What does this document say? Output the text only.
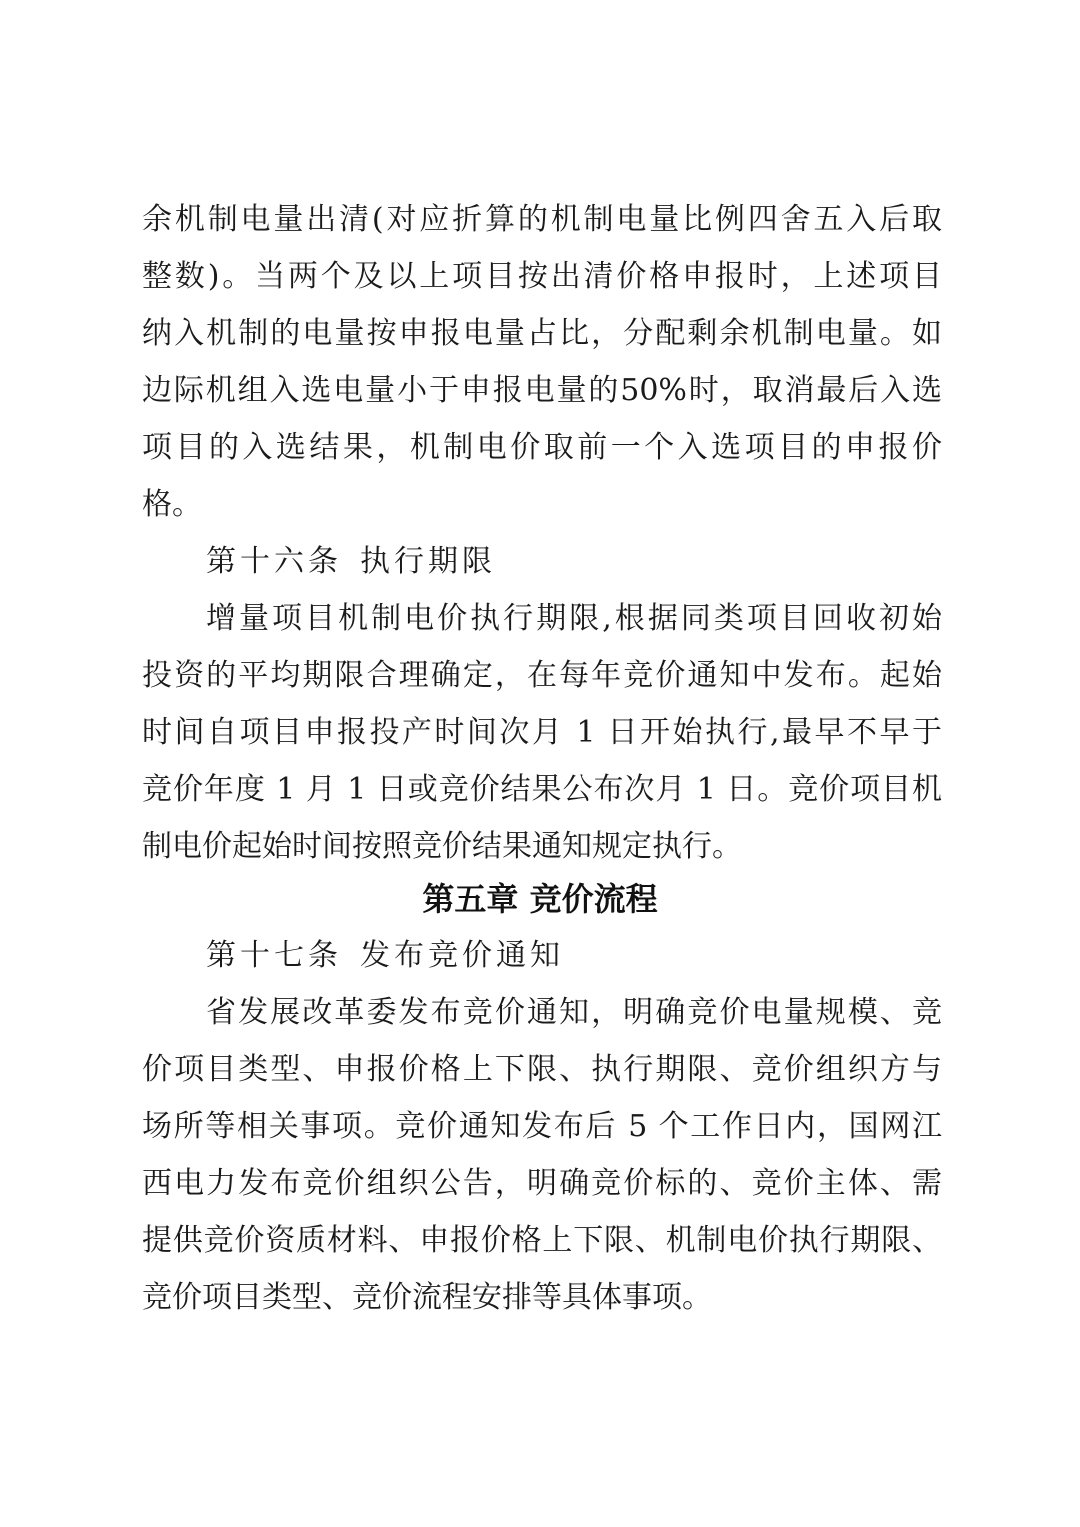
余机制电量出清(对应折算的机制电量比例四舍五入后取
整数)。当两个及以上项目按出清价格申报时，上述项目
纳入机制的电量按申报电量占比，分配剩余机制电量。如
边际机组入选电量小于申报电量的50%时，取消最后入选
项目的入选结果，机制电价取前一个入选项目的申报价
格。
第十六条 执行期限
增量项目机制电价执行期限,根据同类项目回收初始
投资的平均期限合理确定，在每年竞价通知中发布。起始
时间自项目申报投产时间次月 1 日开始执行,最早不早于
竞价年度 1 月 1 日或竞价结果公布次月 1 日。竞价项目机
制电价起始时间按照竞价结果通知规定执行。
第五章 竞价流程
第十七条 发布竞价通知
省发展改革委发布竞价通知，明确竞价电量规模、竞
价项目类型、申报价格上下限、执行期限、竞价组织方与
场所等相关事项。竞价通知发布后 5 个工作日内，国网江
西电力发布竞价组织公告，明确竞价标的、竞价主体、需
提供竞价资质材料、申报价格上下限、机制电价执行期限、
竞价项目类型、竞价流程安排等具体事项。
